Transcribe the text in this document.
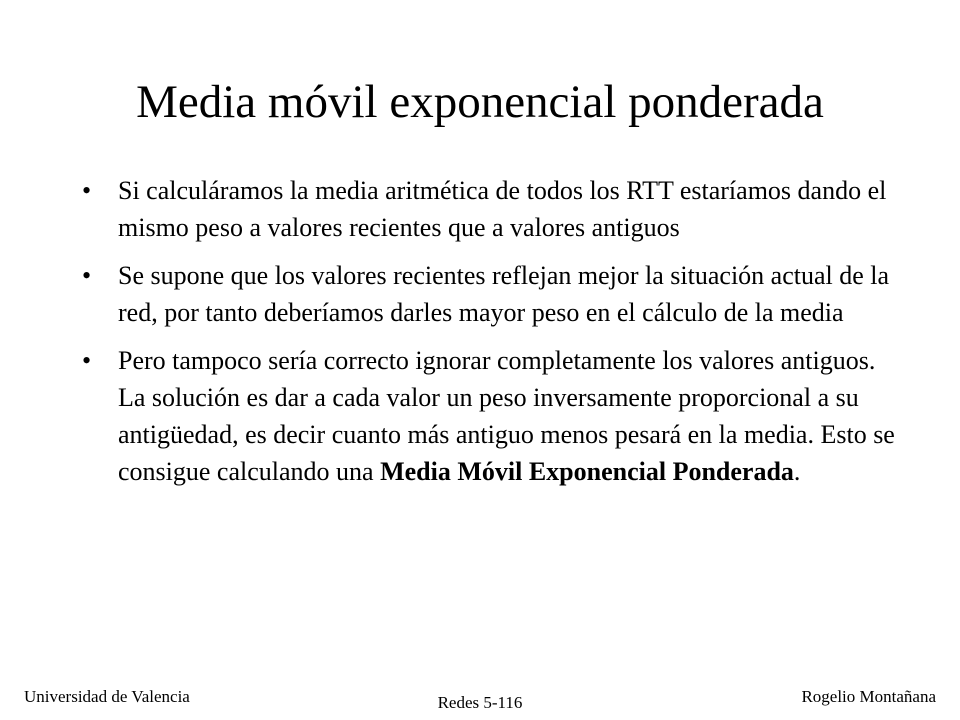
Media móvil exponencial ponderada
• Si calculáramos la media aritmética de todos los RTT estaríamos dando el mismo peso a valores recientes que a valores antiguos
• Se supone que los valores recientes reflejan mejor la situación actual de la red, por tanto deberíamos darles mayor peso en el cálculo de la media
• Pero tampoco sería correcto ignorar completamente los valores antiguos. La solución es dar a cada valor un peso inversamente proporcional a su antigüedad, es decir cuanto más antiguo menos pesará en la media. Esto se consigue calculando una Media Móvil Exponencial Ponderada.
Universidad de Valencia	Redes 5-116	Rogelio Montañana
